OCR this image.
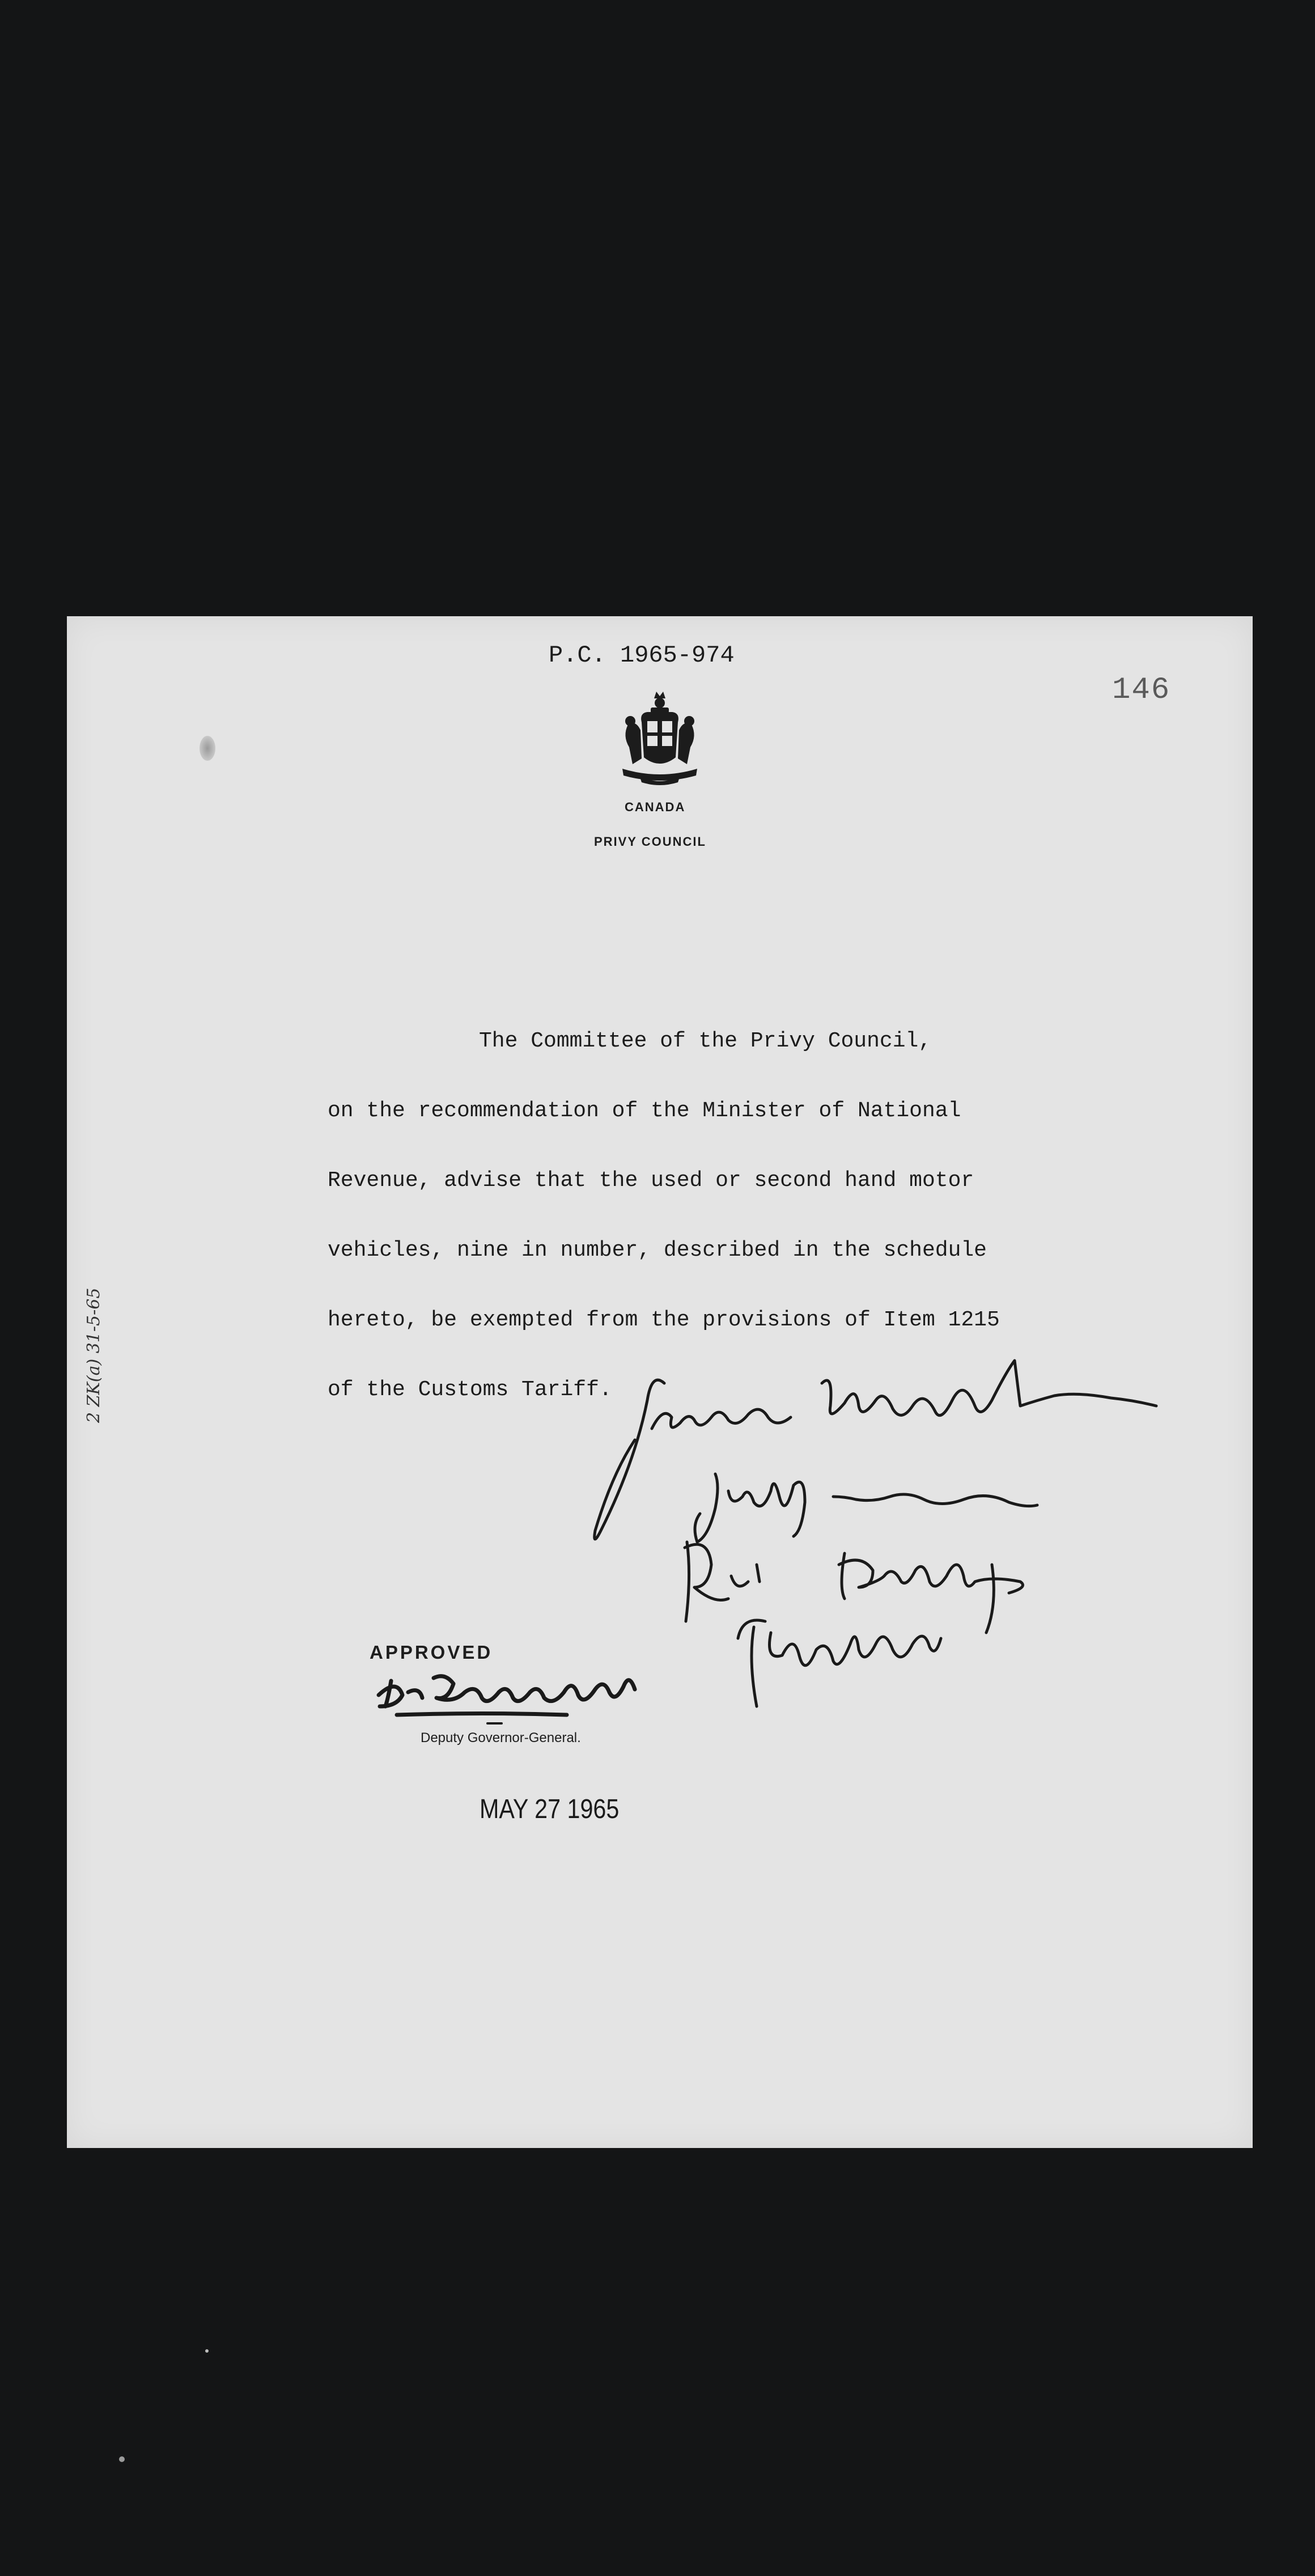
P.C. 1965-974
146
CANADA
PRIVY COUNCIL
The Committee of the Privy Council,
on the recommendation of the Minister of National
Revenue, advise that the used or second hand motor
vehicles, nine in number, described in the schedule
hereto, be exempted from the provisions of Item 1215
of the Customs Tariff.
APPROVED
Deputy Governor-General.
MAY 27 1965
2 ZK(a) 31-5-65
